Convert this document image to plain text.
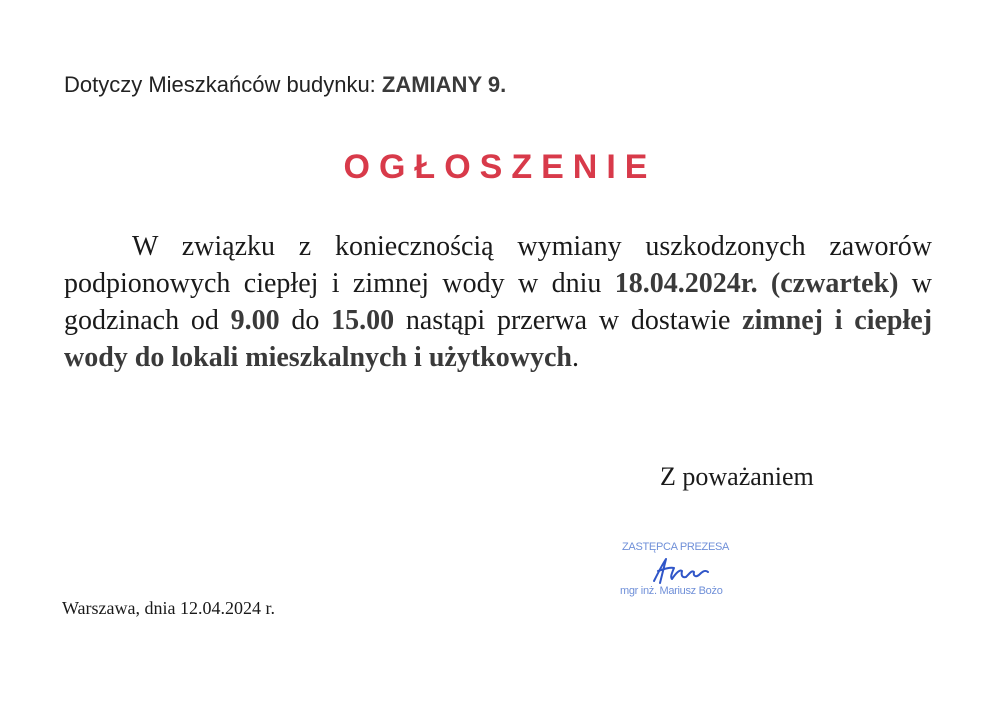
Dotyczy Mieszkańców budynku: ZAMIANY 9.
OGŁOSZENIE
W związku z koniecznością wymiany uszkodzonych zaworów podpionowych ciepłej i zimnej wody w dniu 18.04.2024r. (czwartek) w godzinach od 9.00 do 15.00 nastąpi przerwa w dostawie zimnej i ciepłej wody do lokali mieszkalnych i użytkowych.
Z poważaniem
ZASTĘPCA PREZESA
mgr inż. Mariusz Bożo
Warszawa, dnia 12.04.2024 r.
